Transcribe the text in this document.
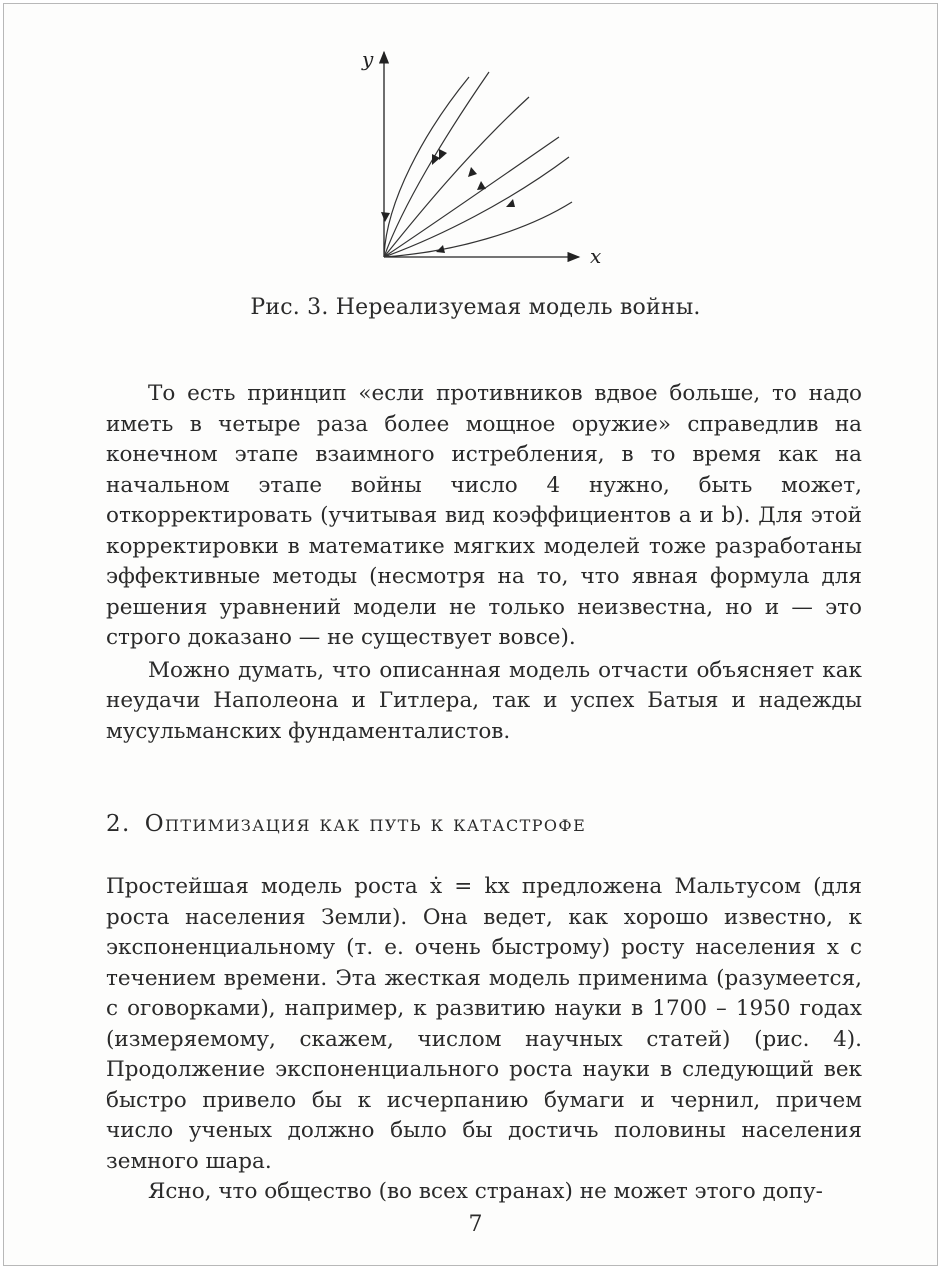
y
x
Рис. 3. Нереализуемая модель войны.

То есть принцип «если противников вдвое больше, то надо иметь в четыре раза более мощное оружие» справедлив на конечном этапе взаимного истребления, в то время как на начальном этапе войны число 4 нужно, быть может, откорректировать (учитывая вид коэффициентов a и b). Для этой корректировки в математике мягких моделей тоже разработаны эффективные методы (несмотря на то, что явная формула для решения уравнений модели не только неизвестна, но и — это строго доказано — не существует вовсе).

Можно думать, что описанная модель отчасти объясняет как неудачи Наполеона и Гитлера, так и успех Батыя и надежды мусульманских фундаменталистов.

2. Оптимизация как путь к катастрофе

Простейшая модель роста ẋ = kx предложена Мальтусом (для роста населения Земли). Она ведет, как хорошо известно, к экспоненциальному (т. е. очень быстрому) росту населения x с течением времени. Эта жесткая модель применима (разумеется, с оговорками), например, к развитию науки в 1700 – 1950 годах (измеряемому, скажем, числом научных статей) (рис. 4). Продолжение экспоненциального роста науки в следующий век быстро привело бы к исчерпанию бумаги и чернил, причем число ученых должно было бы достичь половины населения земного шара.

Ясно, что общество (во всех странах) не может этого допу-

7
